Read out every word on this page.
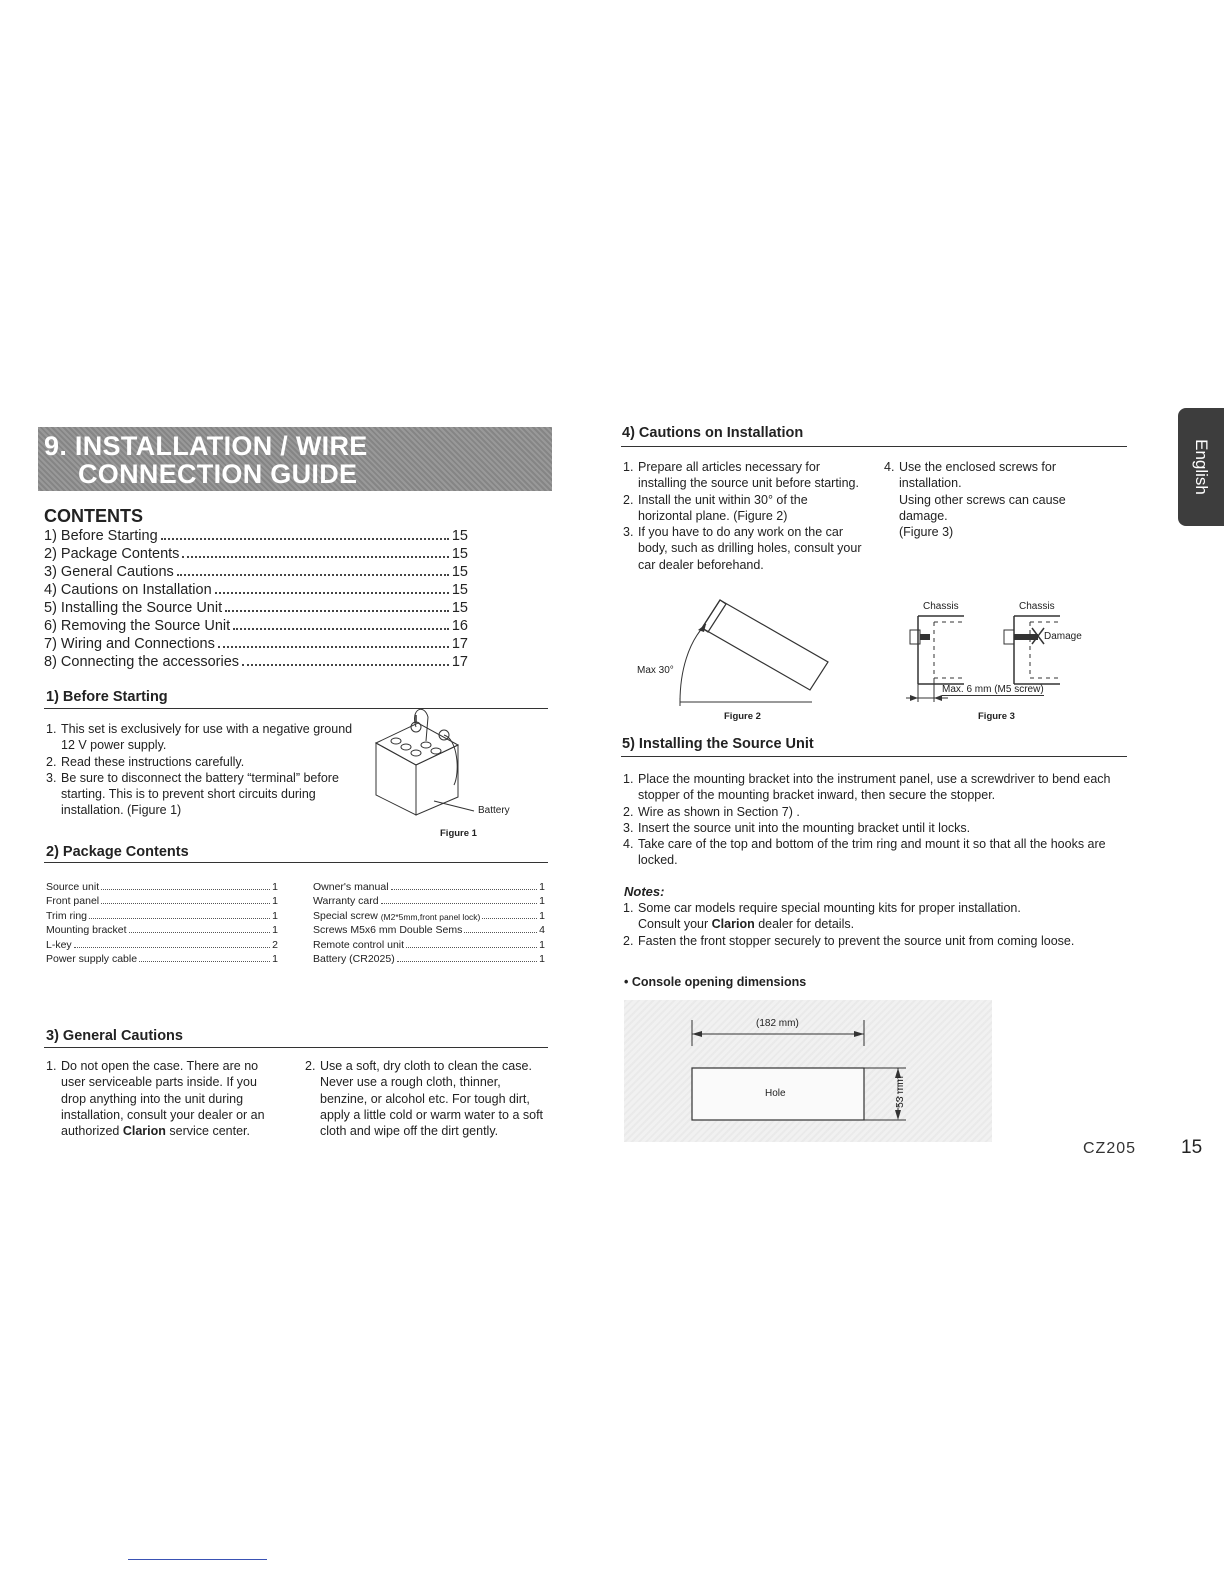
9. INSTALLATION / WIRE
CONNECTION GUIDE
CONTENTS
1) Before Starting	15
2) Package Contents	15
3) General Cautions	15
4) Cautions on Installation	15
5) Installing the Source Unit	15
6) Removing the Source Unit	16
7) Wiring and Connections	17
8) Connecting the accessories	17
1) Before Starting
1. This set is exclusively for use with a negative ground 12 V power supply.
2. Read these instructions carefully.
3. Be sure to disconnect the battery “terminal” before starting. This is to prevent short circuits during installation. (Figure 1)	Battery
Figure 1
2) Package Contents
Source unit	1
Front panel	1
Trim ring	1
Mounting bracket	1
L-key	2
Power supply cable	1
Owner's manual	1
Warranty card	1
Special screw
(M2*5mm,front panel lock)	1
Screws M5x6 mm Double Sems	4
Remote control unit	1
Battery (CR2025)	1
3) General Cautions
1. Do not open the case. There are no user serviceable parts inside. If you drop anything into the unit during installation, consult your dealer or an authorized Clarion service center.
2. Use a soft, dry cloth to clean the case. Never use a rough cloth, thinner, benzine, or alcohol etc. For tough dirt, apply a little cold or warm water to a soft cloth and wipe off the dirt gently.
4) Cautions on Installation
1. Prepare all articles necessary for installing the source unit before starting.
2. Install the unit within 30° of the horizontal plane. (Figure 2)
3. If you have to do any work on the car body, such as drilling holes, consult your car dealer beforehand.
4. Use the enclosed screws for installation.
Using other screws can cause damage.
(Figure 3)
Max 30°
Figure 2
Chassis	Chassis
Damage
Max. 6 mm (M5 screw)
Figure 3
5) Installing the Source Unit
1. Place the mounting bracket into the instrument panel, use a screwdriver to bend each stopper of the mounting bracket inward, then secure the stopper.
2. Wire as shown in Section 7) .
3. Insert the source unit into the mounting bracket until it locks.
4. Take care of the top and bottom of the trim ring and mount it so that all the hooks are locked.
Notes:
1. Some car models require special mounting kits for proper installation.
Consult your Clarion dealer for details.
2. Fasten the front stopper securely to prevent the source unit from coming loose.
• Console opening dimensions
(182 mm)
Hole	53 mm
English
CZ205 15
